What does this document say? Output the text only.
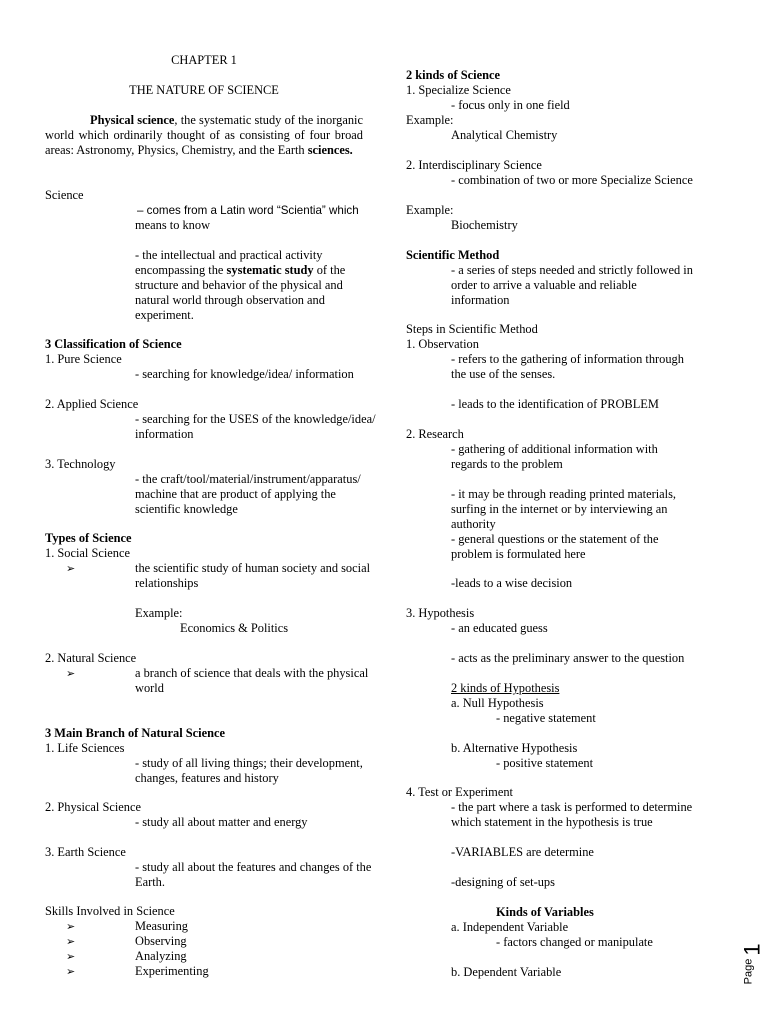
CHAPTER 1
THE NATURE OF SCIENCE
Physical science, the systematic study of the inorganic world which ordinarily thought of as consisting of four broad areas: Astronomy, Physics, Chemistry, and the Earth sciences.
Science
– comes from a Latin word “Scientia” which
means to know
- the intellectual and practical activity
encompassing the systematic study of the
structure and behavior of the physical and
natural world through observation and
experiment.
3 Classification of Science
1. Pure Science
- searching for knowledge/idea/ information
2. Applied Science
- searching for the USES of the knowledge/idea/
information
3. Technology
- the craft/tool/material/instrument/apparatus/
machine that are product of applying the
scientific knowledge
Types of Science
1. Social Science
➢	the scientific study of human society and social
relationships
Example:
Economics & Politics
2. Natural Science
➢	a branch of science that deals with the physical
world
3 Main Branch of Natural Science
1. Life Sciences
- study of all living things; their development,
changes, features and history
2. Physical Science
- study all about matter and energy
3. Earth Science
- study all about the features and changes of the
Earth.
Skills Involved in Science
➢	Measuring
➢	Observing
➢	Analyzing
➢	Experimenting
2 kinds of Science
1. Specialize Science
- focus only in one field
Example:
Analytical Chemistry
2. Interdisciplinary Science
- combination of two or more Specialize Science
Example:
Biochemistry
Scientific Method
- a series of steps needed and strictly followed in
order to arrive a valuable and reliable
information
Steps in Scientific Method
1. Observation
- refers to the gathering of information through
the use of the senses.
- leads to the identification of PROBLEM
2. Research
- gathering of additional information with
regards to the problem
- it may be through reading printed materials,
surfing in the internet or by interviewing an
authority
- general questions or the statement of the
problem is formulated here
-leads to a wise decision
3. Hypothesis
- an educated guess
- acts as the preliminary answer to the question
2 kinds of Hypothesis
a. Null Hypothesis
- negative statement
b. Alternative Hypothesis
- positive statement
4. Test or Experiment
- the part where a task is performed to determine
which statement in the hypothesis is true
-VARIABLES are determine
-designing of set-ups
Kinds of Variables
a. Independent Variable
- factors changed or manipulate
b. Dependent Variable
1
Page
